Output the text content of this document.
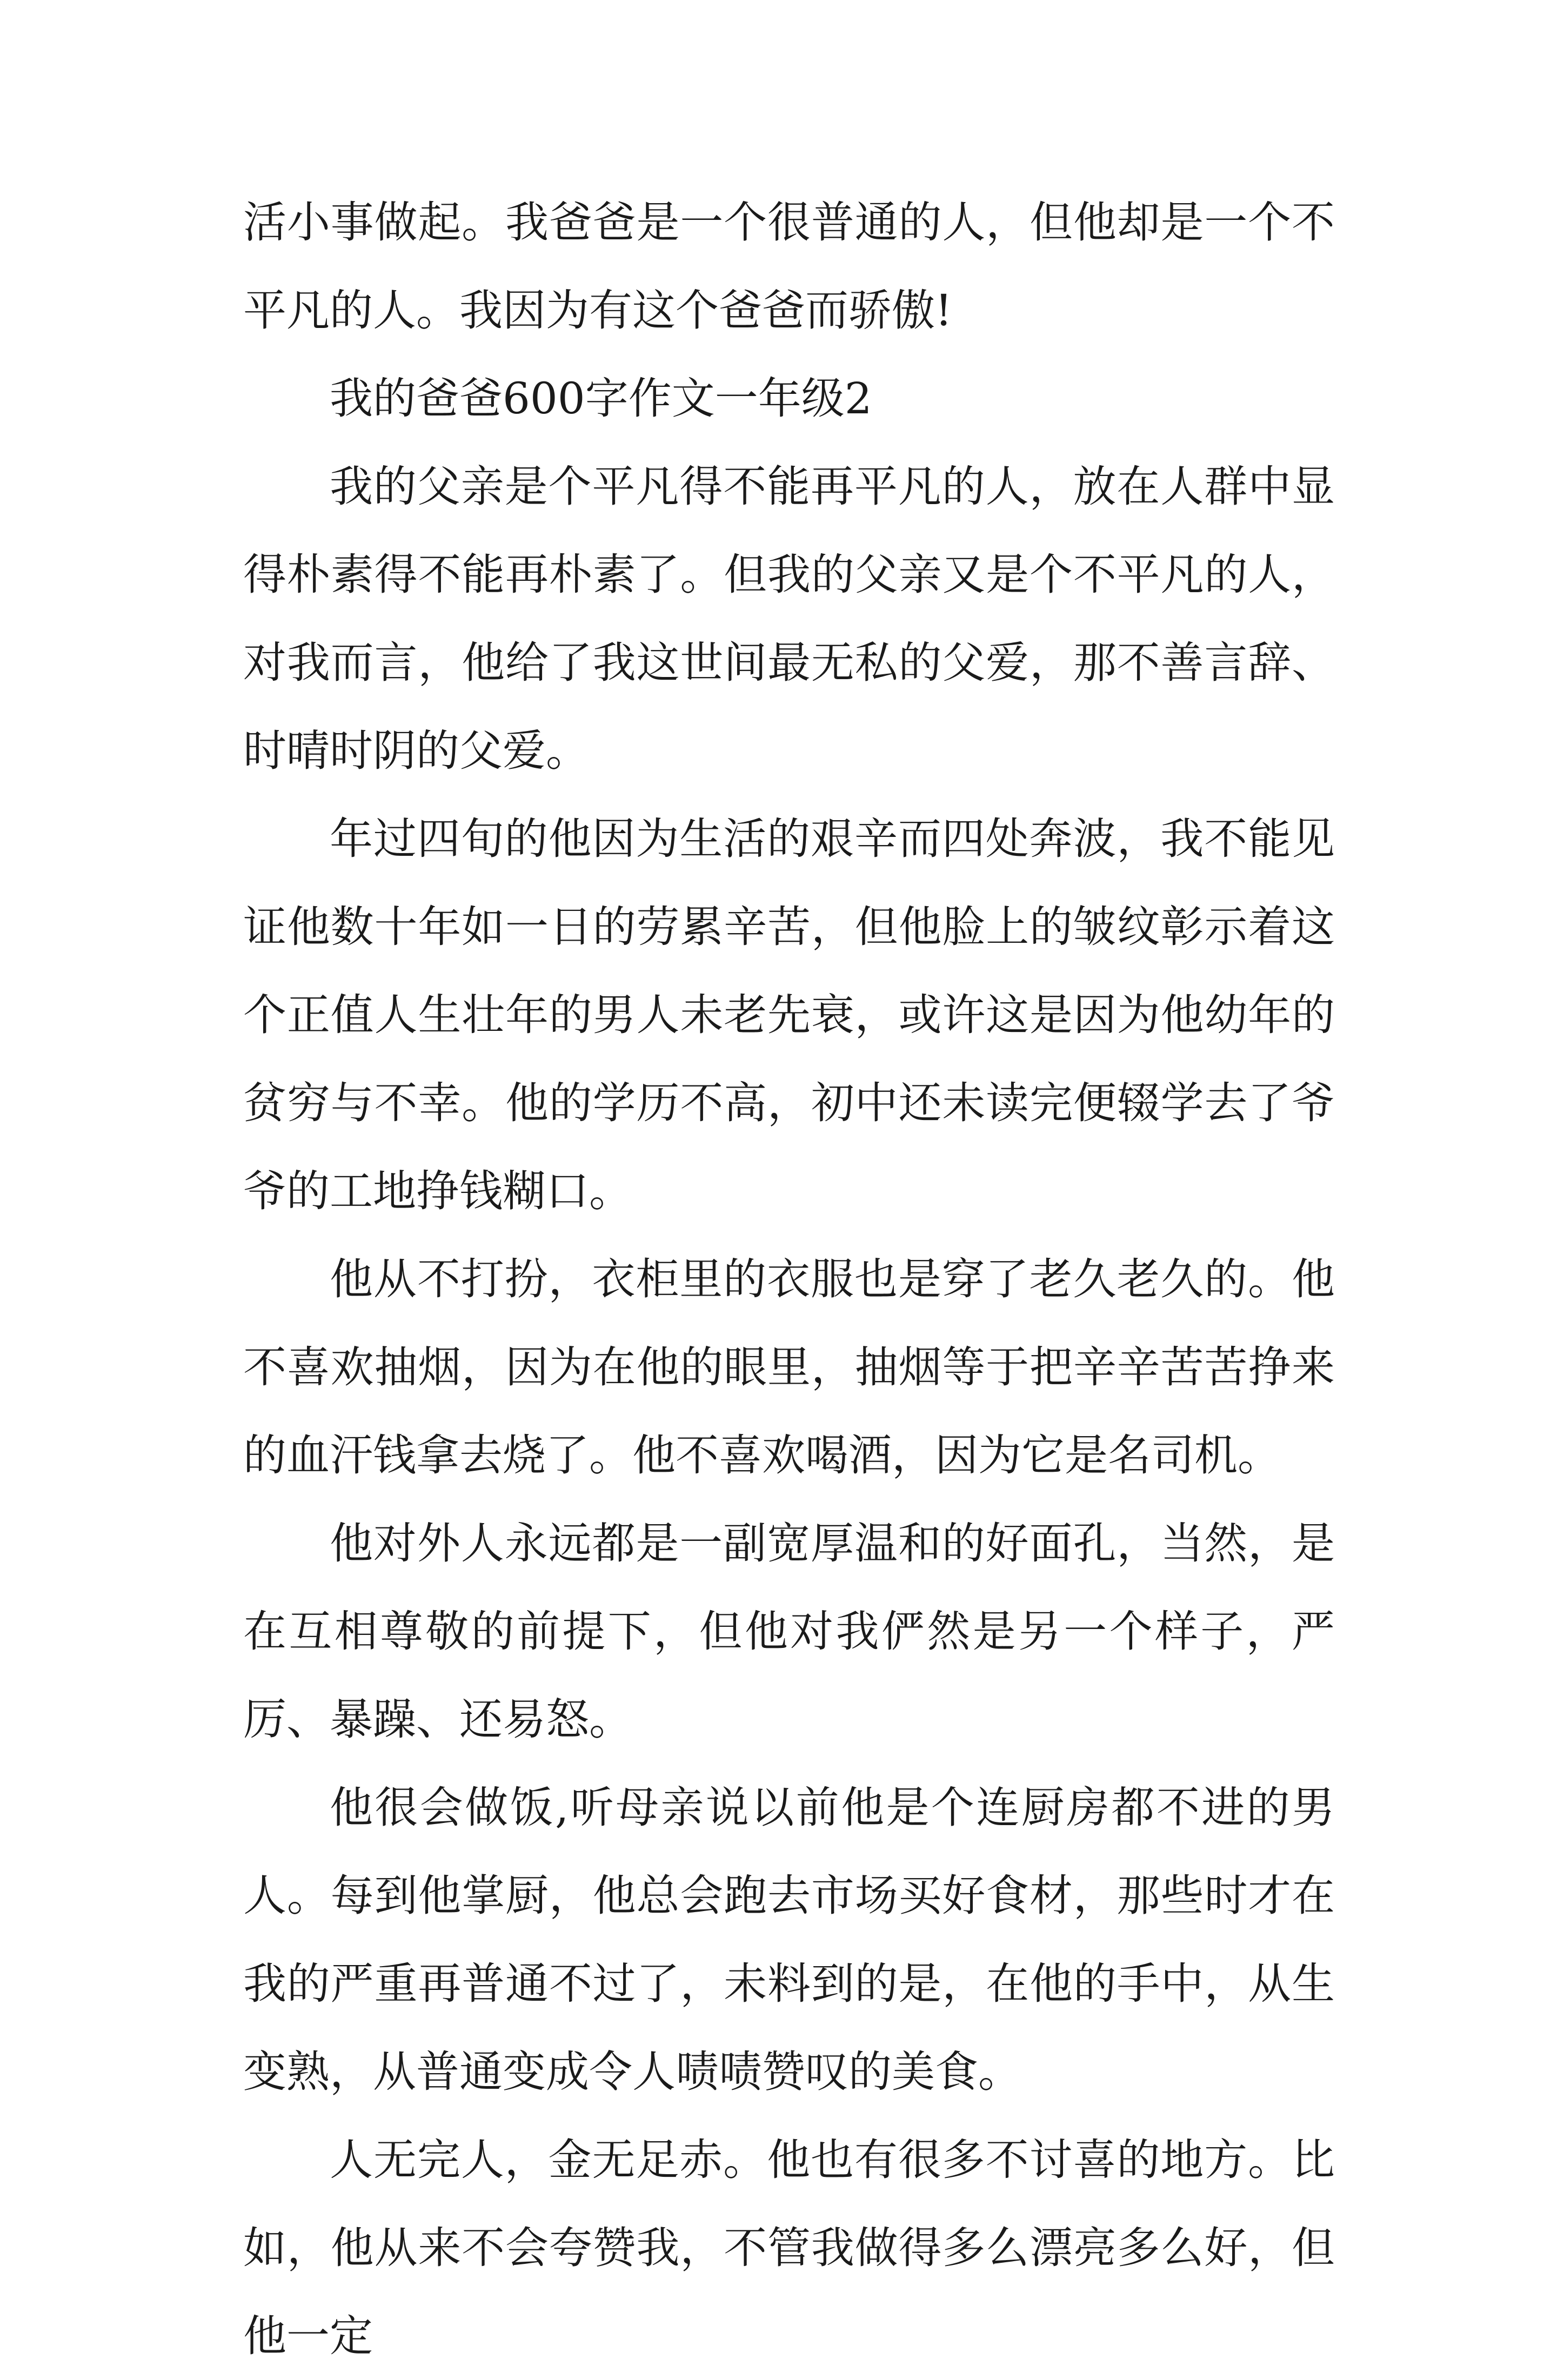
活小事做起。我爸爸是一个很普通的人，但他却是一个不平凡的人。我因为有这个爸爸而骄傲!

我的爸爸600字作文一年级2

我的父亲是个平凡得不能再平凡的人，放在人群中显得朴素得不能再朴素了。但我的父亲又是个不平凡的人，对我而言，他给了我这世间最无私的父爱，那不善言辞、时晴时阴的父爱。

年过四旬的他因为生活的艰辛而四处奔波，我不能见证他数十年如一日的劳累辛苦，但他脸上的皱纹彰示着这个正值人生壮年的男人未老先衰，或许这是因为他幼年的贫穷与不幸。他的学历不高，初中还未读完便辍学去了爷爷的工地挣钱糊口。

他从不打扮，衣柜里的衣服也是穿了老久老久的。他不喜欢抽烟，因为在他的眼里，抽烟等于把辛辛苦苦挣来的血汗钱拿去烧了。他不喜欢喝酒，因为它是名司机。

他对外人永远都是一副宽厚温和的好面孔，当然，是在互相尊敬的前提下，但他对我俨然是另一个样子，严厉、暴躁、还易怒。

他很会做饭,听母亲说以前他是个连厨房都不进的男人。每到他掌厨，他总会跑去市场买好食材，那些时才在我的严重再普通不过了，未料到的是，在他的手中，从生变熟，从普通变成令人啧啧赞叹的美食。

人无完人，金无足赤。他也有很多不讨喜的地方。比如，他从来不会夸赞我，不管我做得多么漂亮多么好，但他一定
